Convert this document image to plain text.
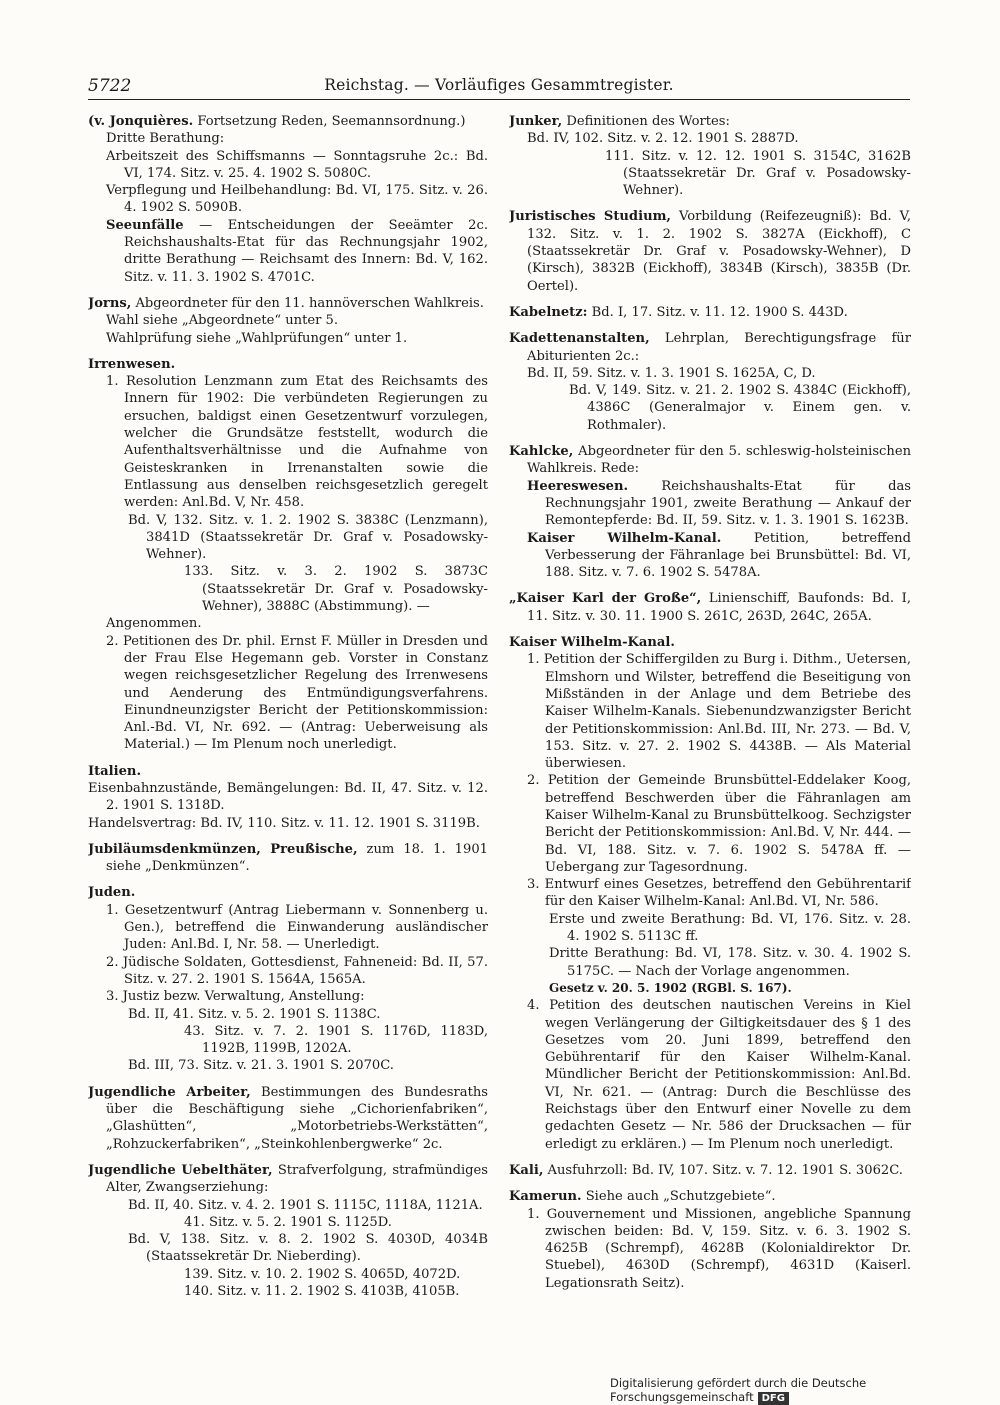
5722	Reichstag. — Vorläufiges Gesammtregister.

(v. Jonquières. Fortsetzung Reden, Seemannsordnung.)

Dritte Berathung:

Arbeitszeit des Schiffsmanns — Sonntagsruhe 2c.: Bd. VI, 174. Sitz. v. 25. 4. 1902 S. 5080C.

Verpflegung und Heilbehandlung: Bd. VI, 175. Sitz. v. 26. 4. 1902 S. 5090B.

Seeunfälle — Entscheidungen der Seeämter 2c. Reichshaushalts-Etat für das Rechnungsjahr 1902, dritte Berathung — Reichsamt des Innern: Bd. V, 162. Sitz. v. 11. 3. 1902 S. 4701C.

Jorns, Abgeordneter für den 11. hannöverschen Wahlkreis.

Wahl siehe „Abgeordnete“ unter 5.

Wahlprüfung siehe „Wahlprüfungen“ unter 1.

Irrenwesen.

1. Resolution Lenzmann zum Etat des Reichsamts des Innern für 1902: Die verbündeten Regierungen zu ersuchen, baldigst einen Gesetzentwurf vorzulegen, welcher die Grundsätze feststellt, wodurch die Aufenthaltsverhältnisse und die Aufnahme von Geisteskranken in Irrenanstalten sowie die Entlassung aus denselben reichsgesetzlich geregelt werden: Anl.Bd. V, Nr. 458.

Bd. V, 132. Sitz. v. 1. 2. 1902 S. 3838C (Lenzmann), 3841D (Staatssekretär Dr. Graf v. Posadowsky-Wehner).

133. Sitz. v. 3. 2. 1902 S. 3873C (Staatssekretär Dr. Graf v. Posadowsky-Wehner), 3888C (Abstimmung). —

Angenommen.

2. Petitionen des Dr. phil. Ernst F. Müller in Dresden und der Frau Else Hegemann geb. Vorster in Constanz wegen reichsgesetzlicher Regelung des Irrenwesens und Aenderung des Entmündigungsverfahrens. Einundneunzigster Bericht der Petitionskommission: Anl.-Bd. VI, Nr. 692. — (Antrag: Ueberweisung als Material.) — Im Plenum noch unerledigt.

Italien.

Eisenbahnzustände, Bemängelungen: Bd. II, 47. Sitz. v. 12. 2. 1901 S. 1318D.

Handelsvertrag: Bd. IV, 110. Sitz. v. 11. 12. 1901 S. 3119B.

Jubiläumsdenkmünzen, Preußische, zum 18. 1. 1901 siehe „Denkmünzen“.

Juden.

1. Gesetzentwurf (Antrag Liebermann v. Sonnenberg u. Gen.), betreffend die Einwanderung ausländischer Juden: Anl.Bd. I, Nr. 58. — Unerledigt.

2. Jüdische Soldaten, Gottesdienst, Fahneneid: Bd. II, 57. Sitz. v. 27. 2. 1901 S. 1564A, 1565A.

3. Justiz bezw. Verwaltung, Anstellung:

Bd. II, 41. Sitz. v. 5. 2. 1901 S. 1138C.

43. Sitz. v. 7. 2. 1901 S. 1176D, 1183D, 1192B, 1199B, 1202A.

Bd. III, 73. Sitz. v. 21. 3. 1901 S. 2070C.

Jugendliche Arbeiter, Bestimmungen des Bundesraths über die Beschäftigung siehe „Cichorienfabriken“, „Glashütten“, „Motorbetriebs-Werkstätten“, „Rohzuckerfabriken“, „Steinkohlenbergwerke“ 2c.

Jugendliche Uebelthäter, Strafverfolgung, strafmündiges Alter, Zwangserziehung:

Bd. II, 40. Sitz. v. 4. 2. 1901 S. 1115C, 1118A, 1121A.

41. Sitz. v. 5. 2. 1901 S. 1125D.

Bd. V, 138. Sitz. v. 8. 2. 1902 S. 4030D, 4034B (Staatssekretär Dr. Nieberding).

139. Sitz. v. 10. 2. 1902 S. 4065D, 4072D.

140. Sitz. v. 11. 2. 1902 S. 4103B, 4105B.

Junker, Definitionen des Wortes:

Bd. IV, 102. Sitz. v. 2. 12. 1901 S. 2887D.

111. Sitz. v. 12. 12. 1901 S. 3154C, 3162B (Staatssekretär Dr. Graf v. Posadowsky-Wehner).

Juristisches Studium, Vorbildung (Reifezeugniß): Bd. V, 132. Sitz. v. 1. 2. 1902 S. 3827A (Eickhoff), C (Staatssekretär Dr. Graf v. Posadowsky-Wehner), D (Kirsch), 3832B (Eickhoff), 3834B (Kirsch), 3835B (Dr. Oertel).

Kabelnetz: Bd. I, 17. Sitz. v. 11. 12. 1900 S. 443D.

Kadettenanstalten, Lehrplan, Berechtigungsfrage für Abiturienten 2c.:

Bd. II, 59. Sitz. v. 1. 3. 1901 S. 1625A, C, D.

Bd. V, 149. Sitz. v. 21. 2. 1902 S. 4384C (Eickhoff), 4386C (Generalmajor v. Einem gen. v. Rothmaler).

Kahlcke, Abgeordneter für den 5. schleswig-holsteinischen Wahlkreis. Rede:

Heereswesen. Reichshaushalts-Etat für das Rechnungsjahr 1901, zweite Berathung — Ankauf der Remontepferde: Bd. II, 59. Sitz. v. 1. 3. 1901 S. 1623B.

Kaiser Wilhelm-Kanal. Petition, betreffend Verbesserung der Fähranlage bei Brunsbüttel: Bd. VI, 188. Sitz. v. 7. 6. 1902 S. 5478A.

„Kaiser Karl der Große“, Linienschiff, Baufonds: Bd. I, 11. Sitz. v. 30. 11. 1900 S. 261C, 263D, 264C, 265A.

Kaiser Wilhelm-Kanal.

1. Petition der Schiffergilden zu Burg i. Dithm., Uetersen, Elmshorn und Wilster, betreffend die Beseitigung von Mißständen in der Anlage und dem Betriebe des Kaiser Wilhelm-Kanals. Siebenundzwanzigster Bericht der Petitionskommission: Anl.Bd. III, Nr. 273. — Bd. V, 153. Sitz. v. 27. 2. 1902 S. 4438B. — Als Material überwiesen.

2. Petition der Gemeinde Brunsbüttel-Eddelaker Koog, betreffend Beschwerden über die Fähranlagen am Kaiser Wilhelm-Kanal zu Brunsbüttelkoog. Sechzigster Bericht der Petitionskommission: Anl.Bd. V, Nr. 444. — Bd. VI, 188. Sitz. v. 7. 6. 1902 S. 5478A ff. — Uebergang zur Tagesordnung.

3. Entwurf eines Gesetzes, betreffend den Gebührentarif für den Kaiser Wilhelm-Kanal: Anl.Bd. VI, Nr. 586.

Erste und zweite Berathung: Bd. VI, 176. Sitz. v. 28. 4. 1902 S. 5113C ff.

Dritte Berathung: Bd. VI, 178. Sitz. v. 30. 4. 1902 S. 5175C. — Nach der Vorlage angenommen.

Gesetz v. 20. 5. 1902 (RGBl. S. 167).

4. Petition des deutschen nautischen Vereins in Kiel wegen Verlängerung der Giltigkeitsdauer des § 1 des Gesetzes vom 20. Juni 1899, betreffend den Gebührentarif für den Kaiser Wilhelm-Kanal. Mündlicher Bericht der Petitionskommission: Anl.Bd. VI, Nr. 621. — (Antrag: Durch die Beschlüsse des Reichstags über den Entwurf einer Novelle zu dem gedachten Gesetz — Nr. 586 der Drucksachen — für erledigt zu erklären.) — Im Plenum noch unerledigt.

Kali, Ausfuhrzoll: Bd. IV, 107. Sitz. v. 7. 12. 1901 S. 3062C.

Kamerun. Siehe auch „Schutzgebiete“.

1. Gouvernement und Missionen, angebliche Spannung zwischen beiden: Bd. V, 159. Sitz. v. 6. 3. 1902 S. 4625B (Schrempf), 4628B (Kolonialdirektor Dr. Stuebel), 4630D (Schrempf), 4631D (Kaiserl. Legationsrath Seitz).

Digitalisierung gefördert durch die Deutsche Forschungsgemeinschaft DFG
